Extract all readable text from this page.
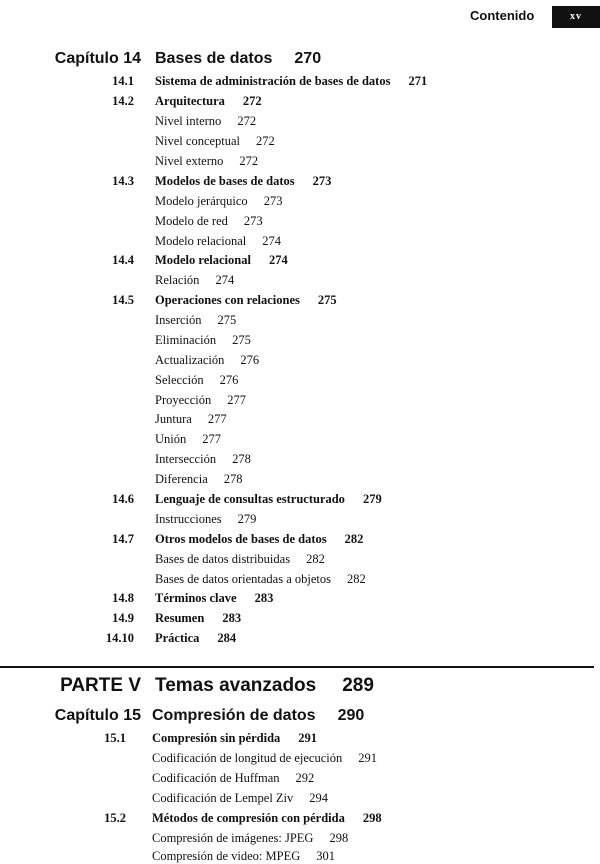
Contenido	xv
Capítulo 14 Bases de datos 270
14.1 Sistema de administración de bases de datos 271
14.2 Arquitectura 272
Nivel interno 272
Nivel conceptual 272
Nivel externo 272
14.3 Modelos de bases de datos 273
Modelo jerárquico 273
Modelo de red 273
Modelo relacional 274
14.4 Modelo relacional 274
Relación 274
14.5 Operaciones con relaciones 275
Inserción 275
Eliminación 275
Actualización 276
Selección 276
Proyección 277
Juntura 277
Unión 277
Intersección 278
Diferencia 278
14.6 Lenguaje de consultas estructurado 279
Instrucciones 279
14.7 Otros modelos de bases de datos 282
Bases de datos distribuidas 282
Bases de datos orientadas a objetos 282
14.8 Términos clave 283
14.9 Resumen 283
14.10 Práctica 284
PARTE V Temas avanzados 289
Capítulo 15 Compresión de datos 290
15.1 Compresión sin pérdida 291
Codificación de longitud de ejecución 291
Codificación de Huffman 292
Codificación de Lempel Ziv 294
15.2 Métodos de compresión con pérdida 298
Compresión de imágenes: JPEG 298
Compresión de video: MPEG 301
